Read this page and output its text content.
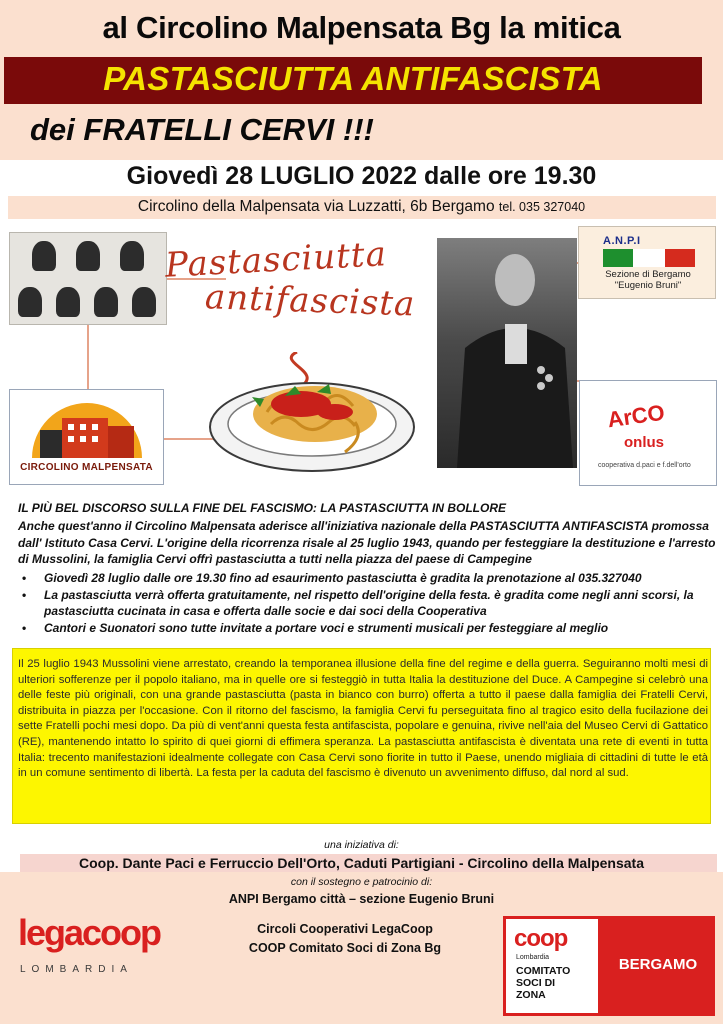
al Circolino Malpensata Bg la mitica
PASTASCIUTTA ANTIFASCISTA
dei FRATELLI CERVI !!!
Giovedì 28 LUGLIO 2022 dalle ore 19.30
Circolino della Malpensata via Luzzatti, 6b Bergamo tel. 035 327040
Pastasciutta
antifascista
A.N.P.I
Sezione di Bergamo
"Eugenio Bruni"
CIRCOLINO MALPENSATA
ArCO
onlus
cooperativa d.paci e f.dell'orto
IL PIÙ BEL DISCORSO SULLA FINE DEL FASCISMO: LA PASTASCIUTTA IN BOLLORE
Anche quest'anno il Circolino Malpensata aderisce all'iniziativa nazionale della PASTASCIUTTA ANTIFASCISTA promossa dall' Istituto Casa Cervi. L'origine della ricorrenza risale al 25 luglio 1943, quando per festeggiare la destituzione e l'arresto di Mussolini, la famiglia Cervi offrì pastasciutta a tutti nella piazza del paese di Campegine
• Giovedì 28 luglio dalle ore 19.30 fino ad esaurimento pastasciutta è gradita la prenotazione al 035.327040
• La pastasciutta verrà offerta gratuitamente, nel rispetto dell'origine della festa. è gradita come negli anni scorsi, la pastasciutta cucinata in casa e offerta dalle socie e dai soci della Cooperativa
• Cantori e Suonatori sono tutte invitate a portare voci e strumenti musicali per festeggiare al meglio
Il 25 luglio 1943 Mussolini viene arrestato, creando la temporanea illusione della fine del regime e della guerra. Seguiranno molti mesi di ulteriori sofferenze per il popolo italiano, ma in quelle ore si festeggiò in tutta Italia la destituzione del Duce. A Campegine si celebrò una delle feste più originali, con una grande pastasciutta (pasta in bianco con burro) offerta a tutto il paese dalla famiglia dei Fratelli Cervi, distribuita in piazza per l'occasione. Con il ritorno del fascismo, la famiglia Cervi fu perseguitata fino al tragico esito della fucilazione dei sette Fratelli pochi mesi dopo. Da più di vent'anni questa festa antifascista, popolare e genuina, rivive nell'aia del Museo Cervi di Gattatico (RE), mantenendo intatto lo spirito di quei giorni di effimera speranza. La pastasciutta antifascista è diventata una rete di eventi in tutta Italia: trecento manifestazioni idealmente collegate con Casa Cervi sono fiorite in tutto il Paese, unendo migliaia di cittadini di tutte le età in un comune sentimento di libertà. La festa per la caduta del fascismo è divenuto un avvenimento diffuso, dal nord al sud.
una iniziativa di:
Coop. Dante Paci e Ferruccio Dell'Orto, Caduti Partigiani - Circolino della Malpensata
con il sostegno e patrocinio di:
ANPI Bergamo città – sezione Eugenio Bruni
Circoli Cooperativi LegaCoop
COOP Comitato Soci di Zona Bg
legacoop
LOMBARDIA
coop
Lombardia
COMITATO
SOCI DI
ZONA
BERGAMO
